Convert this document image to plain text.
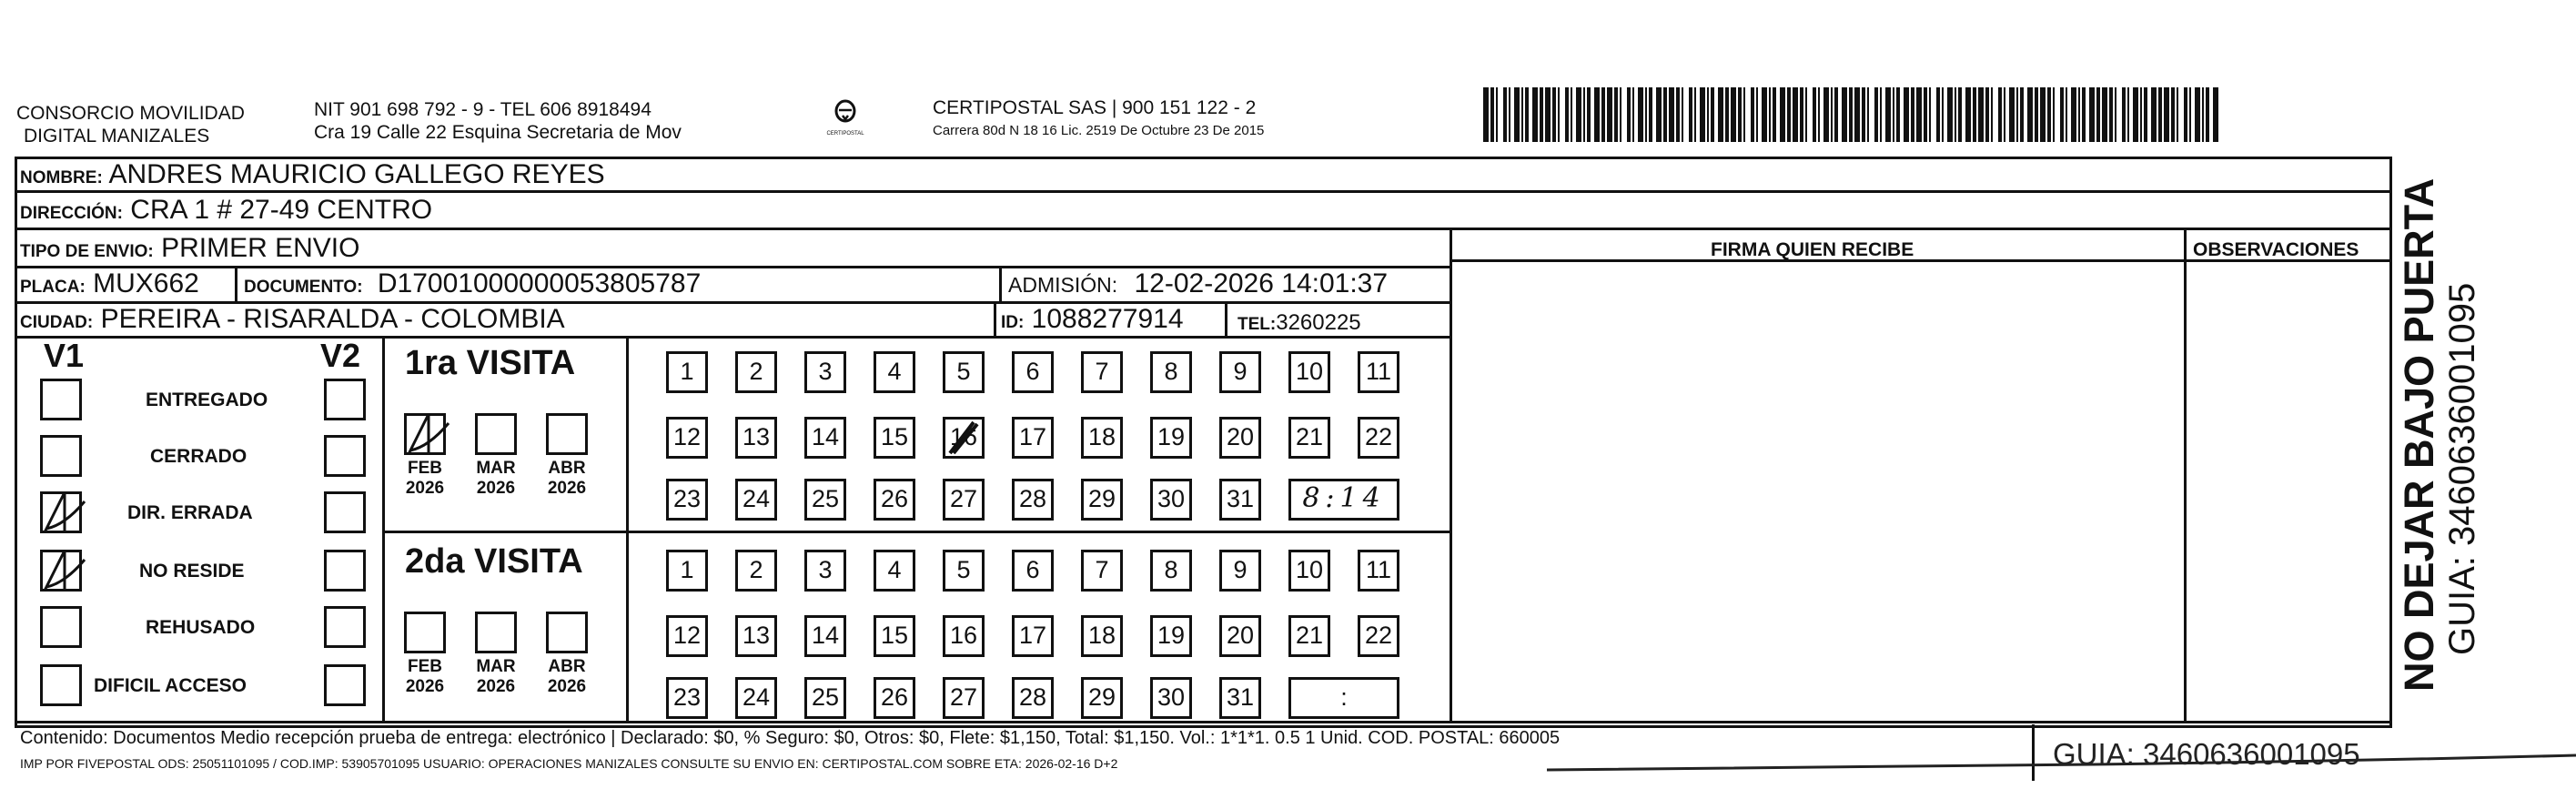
CONSORCIO MOVILIDAD
DIGITAL MANIZALES
NIT 901 698 792 - 9 - TEL 606 8918494
Cra 19 Calle 22 Esquina Secretaria de Mov	CERTIPOSTAL
CERTIPOSTAL SAS | 900 151 122 - 2
Carrera 80d N 18 16 Lic. 2519 De Octubre 23 De 2015
NOMBRE: ANDRES MAURICIO GALLEGO REYES
DIRECCIÓN: CRA 1 # 27-49 CENTRO
TIPO DE ENVIO: PRIMER ENVIO	FIRMA QUIEN RECIBE	OBSERVACIONES
PLACA: MUX662	DOCUMENTO: D17001000000053805787	ADMISIÓN: 12-02-2026 14:01:37
CIUDAD: PEREIRA - RISARALDA - COLOMBIA	ID: 1088277914	TEL:3260225
V1	V2
ENTREGADO
CERRADO
DIR. ERRADA
NO RESIDE
REHUSADO
DIFICIL ACCESO
1ra VISITA
FEB
2026
MAR
2026
ABR
2026
1	2	3	4	5	6	7	8	9	10	11
12 13 14 15 16 17 18 19 20 21 22
23 24 25 26 27 28 29 30 31	8:14
2da VISITA
FEB
2026
MAR
2026
ABR
2026
1	2	3	4	5	6	7	8	9	10	11
12 13 14 15 16 17 18 19 20 21 22
23 24 25 26 27 28 29 30 31	:
Contenido: Documentos Medio recepción prueba de entrega: electrónico | Declarado: $0, % Seguro: $0, Otros: $0, Flete: $1,150, Total: $1,150. Vol.: 1*1*1. 0.5 1 Unid. COD. POSTAL: 660005
IMP POR FIVEPOSTAL ODS: 25051101095 / COD.IMP: 53905701095 USUARIO: OPERACIONES MANIZALES CONSULTE SU ENVIO EN: CERTIPOSTAL.COM SOBRE ETA: 2026-02-16 D+2	GUIA: 3460636001095
NO DEJAR BAJO PUERTA GUIA: 3460636001095
